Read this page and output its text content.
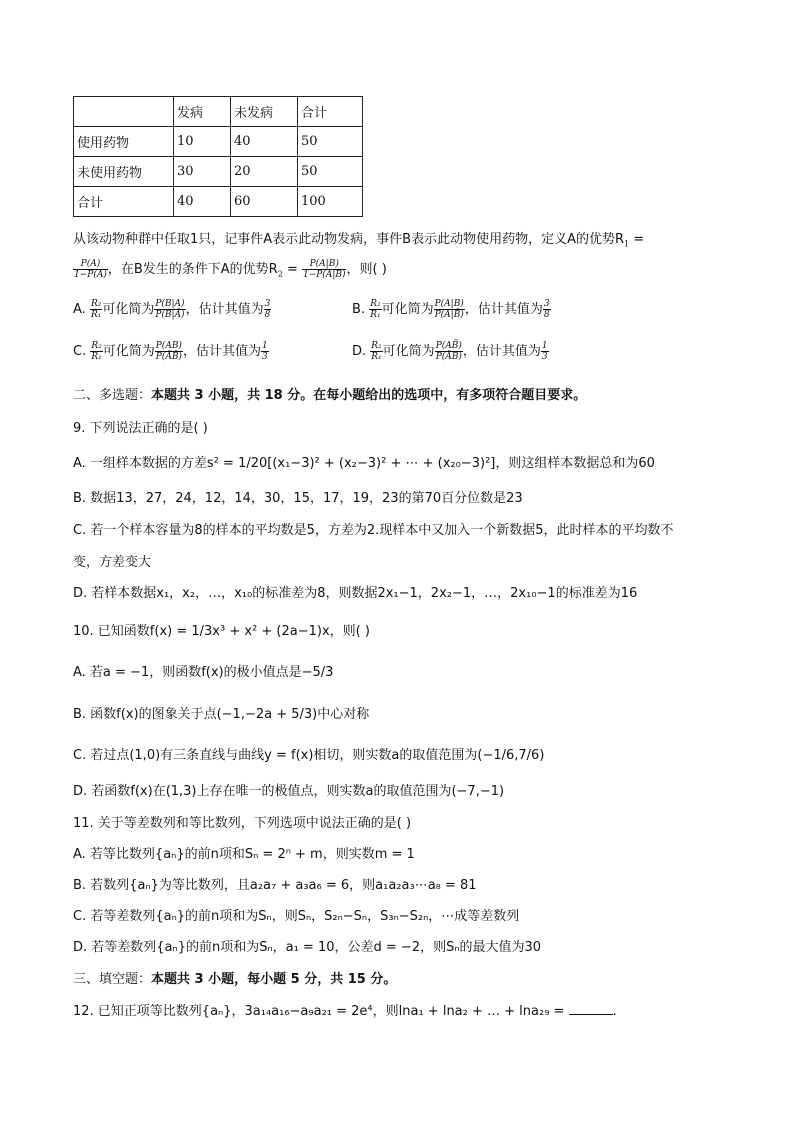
	发病	未发病	合计
使用药物	10	40	50
未使用药物	30	20	50
合计	40	60	100
从该动物种群中任取1只，记事件A表示此动物发病，事件B表示此动物使用药物，定义A的优势$R_1$ =
$\frac{P(A)}{1-P(A)}$ ，在B发生的条件下A的优势$R_2 = \frac{P(A|B)}{1-P(A|B)}$ ，则( )
A. $\frac{\text{R₂}}{\text{R₁}}$ 可化简为 $\frac{P(B|A)}{P(B|Ā)}$ ，估计其值为 $\frac{3}{8}$	B. $\frac{\text{R₂}}{\text{R₁}}$ 可化简为 $\frac{P(A|B)}{P(A|B̄)}$ ，估计其值为 $\frac{3}{8}$
C. $\frac{\text{R₂}}{\text{R₁}}$ 可化简为 $\frac{P(AB)}{P(ĀB̄)}$ ，估计其值为 $\frac{1}{3}$	D. $\frac{\text{R₂}}{\text{R₁}}$ 可化简为 $\frac{P(AB̄)}{P(ĀB)}$ ，估计其值为 $\frac{1}{3}$
二、多选题：本题共 3 小题，共 18 分。在每小题给出的选项中，有多项符合题目要求。
9. 下列说法正确的是( )
A. 一组样本数据的方差s² = 1/20[(x₁−3)² + (x₂−3)² + ⋯ + (x₂₀−3)²]，则这组样本数据总和为60
B. 数据13，27，24，12，14，30，15，17，19，23的第70百分位数是23
C. 若一个样本容量为8的样本的平均数是5，方差为2.现样本中又加入一个新数据5，此时样本的平均数不
变，方差变大
D. 若样本数据x₁，x₂，…，x₁₀的标准差为8，则数据2x₁−1，2x₂−1，…，2x₁₀−1的标准差为16
10. 已知函数f(x) = 1/3x³ + x² + (2a−1)x，则( )
A. 若a = −1，则函数f(x)的极小值点是−5/3
B. 函数f(x)的图象关于点(−1,−2a + 5/3)中心对称
C. 若过点(1,0)有三条直线与曲线y = f(x)相切，则实数a的取值范围为(−1/6,7/6)
D. 若函数f(x)在(1,3)上存在唯一的极值点，则实数a的取值范围为(−7,−1)
11. 关于等差数列和等比数列，下列选项中说法正确的是( )
A. 若等比数列{aₙ}的前n项和Sₙ = 2ⁿ + m，则实数m = 1
B. 若数列{aₙ}为等比数列，且a₂a₇ + a₃a₆ = 6，则a₁a₂a₃⋯a₈ = 81
C. 若等差数列{aₙ}的前n项和为Sₙ，则Sₙ，S₂ₙ−Sₙ，S₃ₙ−S₂ₙ，⋯成等差数列
D. 若等差数列{aₙ}的前n项和为Sₙ，a₁ = 10，公差d = −2，则Sₙ的最大值为30
三、填空题：本题共 3 小题，每小题 5 分，共 15 分。
12. 已知正项等比数列{aₙ}，3a₁₄a₁₆−a₉a₂₁ = 2e⁴，则lna₁ + lna₂ + … + lna₂₉ =	.
